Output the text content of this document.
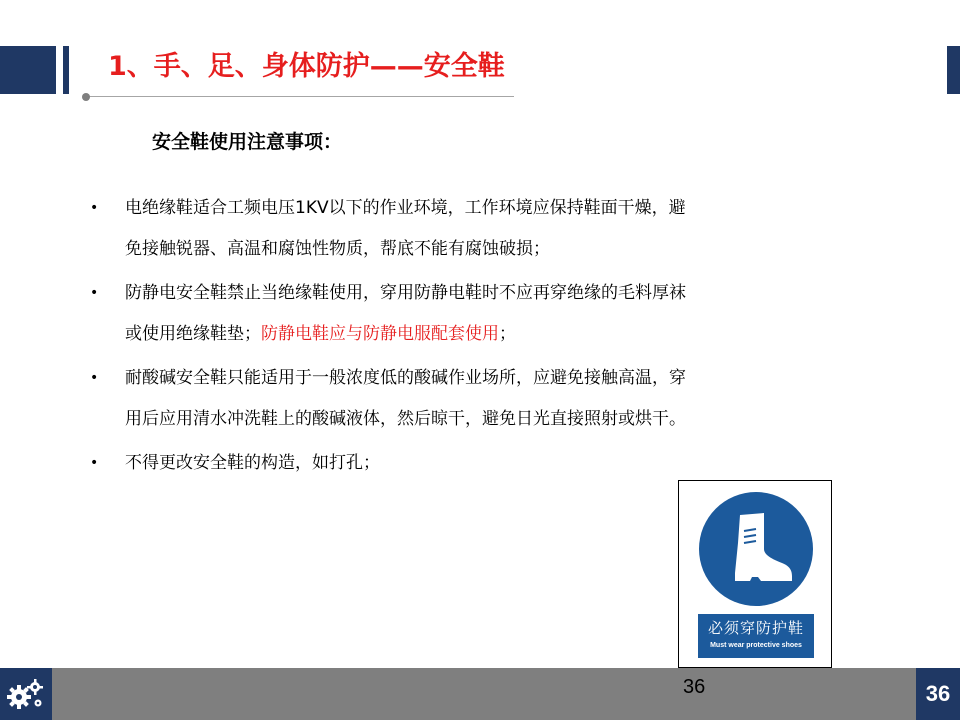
1、手、足、身体防护——安全鞋
安全鞋使用注意事项：
• 电绝缘鞋适合工频电压1KV以下的作业环境，工作环境应保持鞋面干燥，避
免接触锐器、高温和腐蚀性物质，帮底不能有腐蚀破损；
• 防静电安全鞋禁止当绝缘鞋使用，穿用防静电鞋时不应再穿绝缘的毛料厚袜
或使用绝缘鞋垫；防静电鞋应与防静电服配套使用；
• 耐酸碱安全鞋只能适用于一般浓度低的酸碱作业场所，应避免接触高温，穿
用后应用清水冲洗鞋上的酸碱液体，然后晾干，避免日光直接照射或烘干。
• 不得更改安全鞋的构造，如打孔；
必须穿防护鞋
Must wear protective shoes
36	36
